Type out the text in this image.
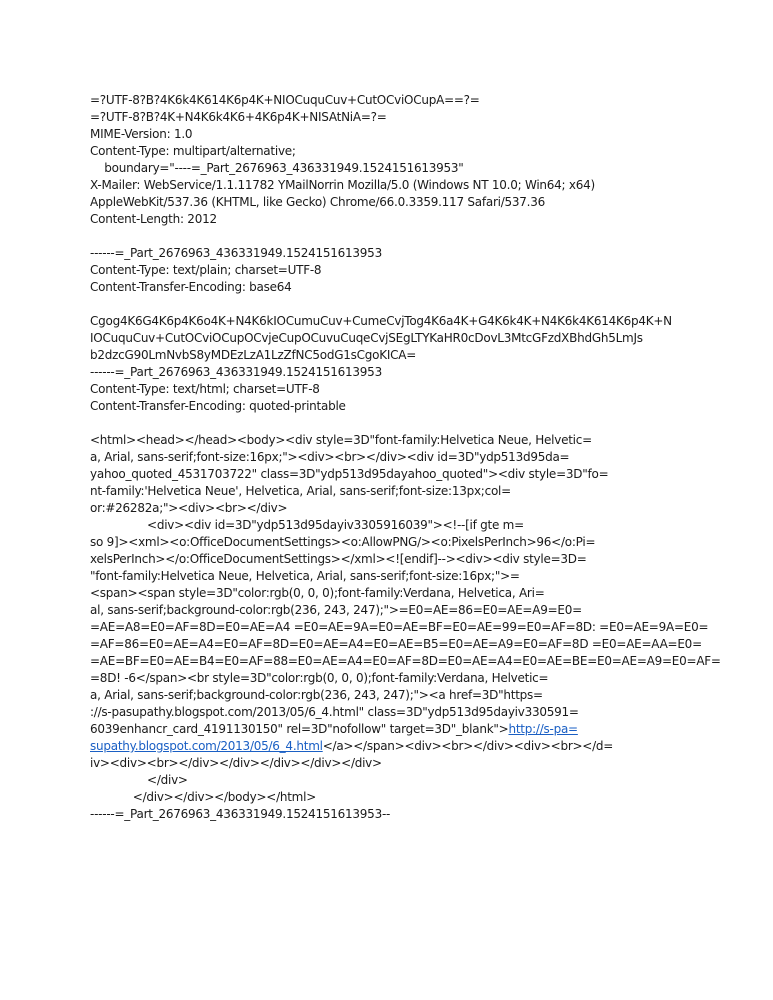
=?UTF-8?B?4K6k4K614K6p4K+NIOCuquCuv+CutOCviOCupA==?=
=?UTF-8?B?4K+N4K6k4K6+4K6p4K+NISAtNiA=?=
MIME-Version: 1.0
Content-Type: multipart/alternative;
boundary="----=_Part_2676963_436331949.1524151613953"
X-Mailer: WebService/1.1.11782 YMailNorrin Mozilla/5.0 (Windows NT 10.0; Win64; x64)
AppleWebKit/537.36 (KHTML, like Gecko) Chrome/66.0.3359.117 Safari/537.36
Content-Length: 2012
------=_Part_2676963_436331949.1524151613953
Content-Type: text/plain; charset=UTF-8
Content-Transfer-Encoding: base64
Cgog4K6G4K6p4K6o4K+N4K6kIOCumuCuv+CumeCvjTog4K6a4K+G4K6k4K+N4K6k4K614K6p4K+N
IOCuquCuv+CutOCviOCupOCvjeCupOCuvuCuqeCvjSEgLTYKaHR0cDovL3MtcGFzdXBhdGh5LmJs
b2dzcG90LmNvbS8yMDEzLzA1LzZfNC5odG1sCgoKICA=
------=_Part_2676963_436331949.1524151613953
Content-Type: text/html; charset=UTF-8
Content-Transfer-Encoding: quoted-printable
<html><head></head><body><div style=3D"font-family:Helvetica Neue, Helvetic=
a, Arial, sans-serif;font-size:16px;"><div><br></div><div id=3D"ydp513d95da=
yahoo_quoted_4531703722" class=3D"ydp513d95dayahoo_quoted"><div style=3D"fo=
nt-family:'Helvetica Neue', Helvetica, Arial, sans-serif;font-size:13px;col=
or:#26282a;"><div><br></div>
<div><div id=3D"ydp513d95dayiv3305916039"><!--[if gte m=
so 9]><xml><o:OfficeDocumentSettings><o:AllowPNG/><o:PixelsPerInch>96</o:Pi=
xelsPerInch></o:OfficeDocumentSettings></xml><![endif]--><div><div style=3D=
"font-family:Helvetica Neue, Helvetica, Arial, sans-serif;font-size:16px;">=
<span><span style=3D"color:rgb(0, 0, 0);font-family:Verdana, Helvetica, Ari=
al, sans-serif;background-color:rgb(236, 243, 247);">=E0=AE=86=E0=AE=A9=E0=
=AE=A8=E0=AF=8D=E0=AE=A4 =E0=AE=9A=E0=AE=BF=E0=AE=99=E0=AF=8D: =E0=AE=9A=E0=
=AF=86=E0=AE=A4=E0=AF=8D=E0=AE=A4=E0=AE=B5=E0=AE=A9=E0=AF=8D =E0=AE=AA=E0=
=AE=BF=E0=AE=B4=E0=AF=88=E0=AE=A4=E0=AF=8D=E0=AE=A4=E0=AE=BE=E0=AE=A9=E0=AF=
=8D! -6</span><br style=3D"color:rgb(0, 0, 0);font-family:Verdana, Helvetic=
a, Arial, sans-serif;background-color:rgb(236, 243, 247);"><a href=3D"https=
://s-pasupathy.blogspot.com/2013/05/6_4.html" class=3D"ydp513d95dayiv330591=
6039enhancr_card_4191130150" rel=3D"nofollow" target=3D"_blank">http://s-pa=
supathy.blogspot.com/2013/05/6_4.html</a></span><div><br></div><div><br></d=
iv><div><br></div></div></div></div></div>
</div>
</div></div></body></html>
------=_Part_2676963_436331949.1524151613953--
